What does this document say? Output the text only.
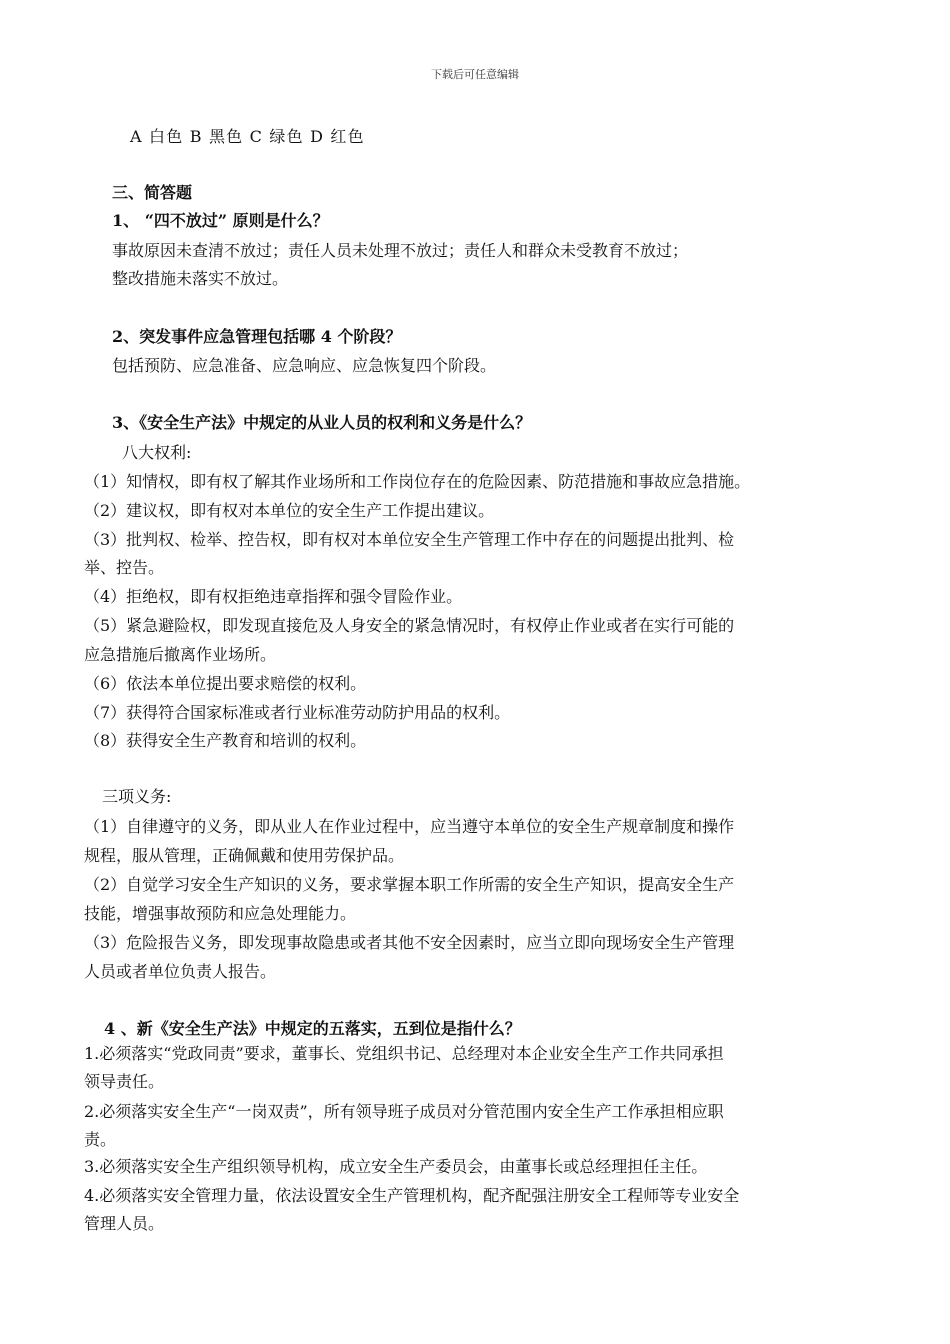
下载后可任意编辑
A 白色 B 黑色 C 绿色 D 红色
三、简答题
1、 “四不放过” 原则是什么？
事故原因未查清不放过；责任人员未处理不放过；责任人和群众未受教育不放过；
整改措施未落实不放过。
2、突发事件应急管理包括哪 4 个阶段？
包括预防、应急准备、应急响应、应急恢复四个阶段。
3、《安全生产法》中规定的从业人员的权利和义务是什么？
八大权利:
（1）知情权，即有权了解其作业场所和工作岗位存在的危险因素、防范措施和事故应急措施。
（2）建议权，即有权对本单位的安全生产工作提出建议。
（3）批判权、检举、控告权，即有权对本单位安全生产管理工作中存在的问题提出批判、检
举、控告。
（4）拒绝权，即有权拒绝违章指挥和强令冒险作业。
（5）紧急避险权，即发现直接危及人身安全的紧急情况时，有权停止作业或者在实行可能的
应急措施后撤离作业场所。
（6）依法本单位提出要求赔偿的权利。
（7）获得符合国家标准或者行业标准劳动防护用品的权利。
（8）获得安全生产教育和培训的权利。
三项义务:
（1）自律遵守的义务，即从业人在作业过程中，应当遵守本单位的安全生产规章制度和操作
规程，服从管理，正确佩戴和使用劳保护品。
（2）自觉学习安全生产知识的义务，要求掌握本职工作所需的安全生产知识，提高安全生产
技能，增强事故预防和应急处理能力。
（3）危险报告义务，即发现事故隐患或者其他不安全因素时，应当立即向现场安全生产管理
人员或者单位负责人报告。
4 、新《安全生产法》中规定的五落实，五到位是指什么？
1.必须落实“党政同责”要求，董事长、党组织书记、总经理对本企业安全生产工作共同承担
领导责任。
2.必须落实安全生产“一岗双责”，所有领导班子成员对分管范围内安全生产工作承担相应职
责。
3.必须落实安全生产组织领导机构，成立安全生产委员会，由董事长或总经理担任主任。
4.必须落实安全管理力量，依法设置安全生产管理机构，配齐配强注册安全工程师等专业安全
管理人员。
